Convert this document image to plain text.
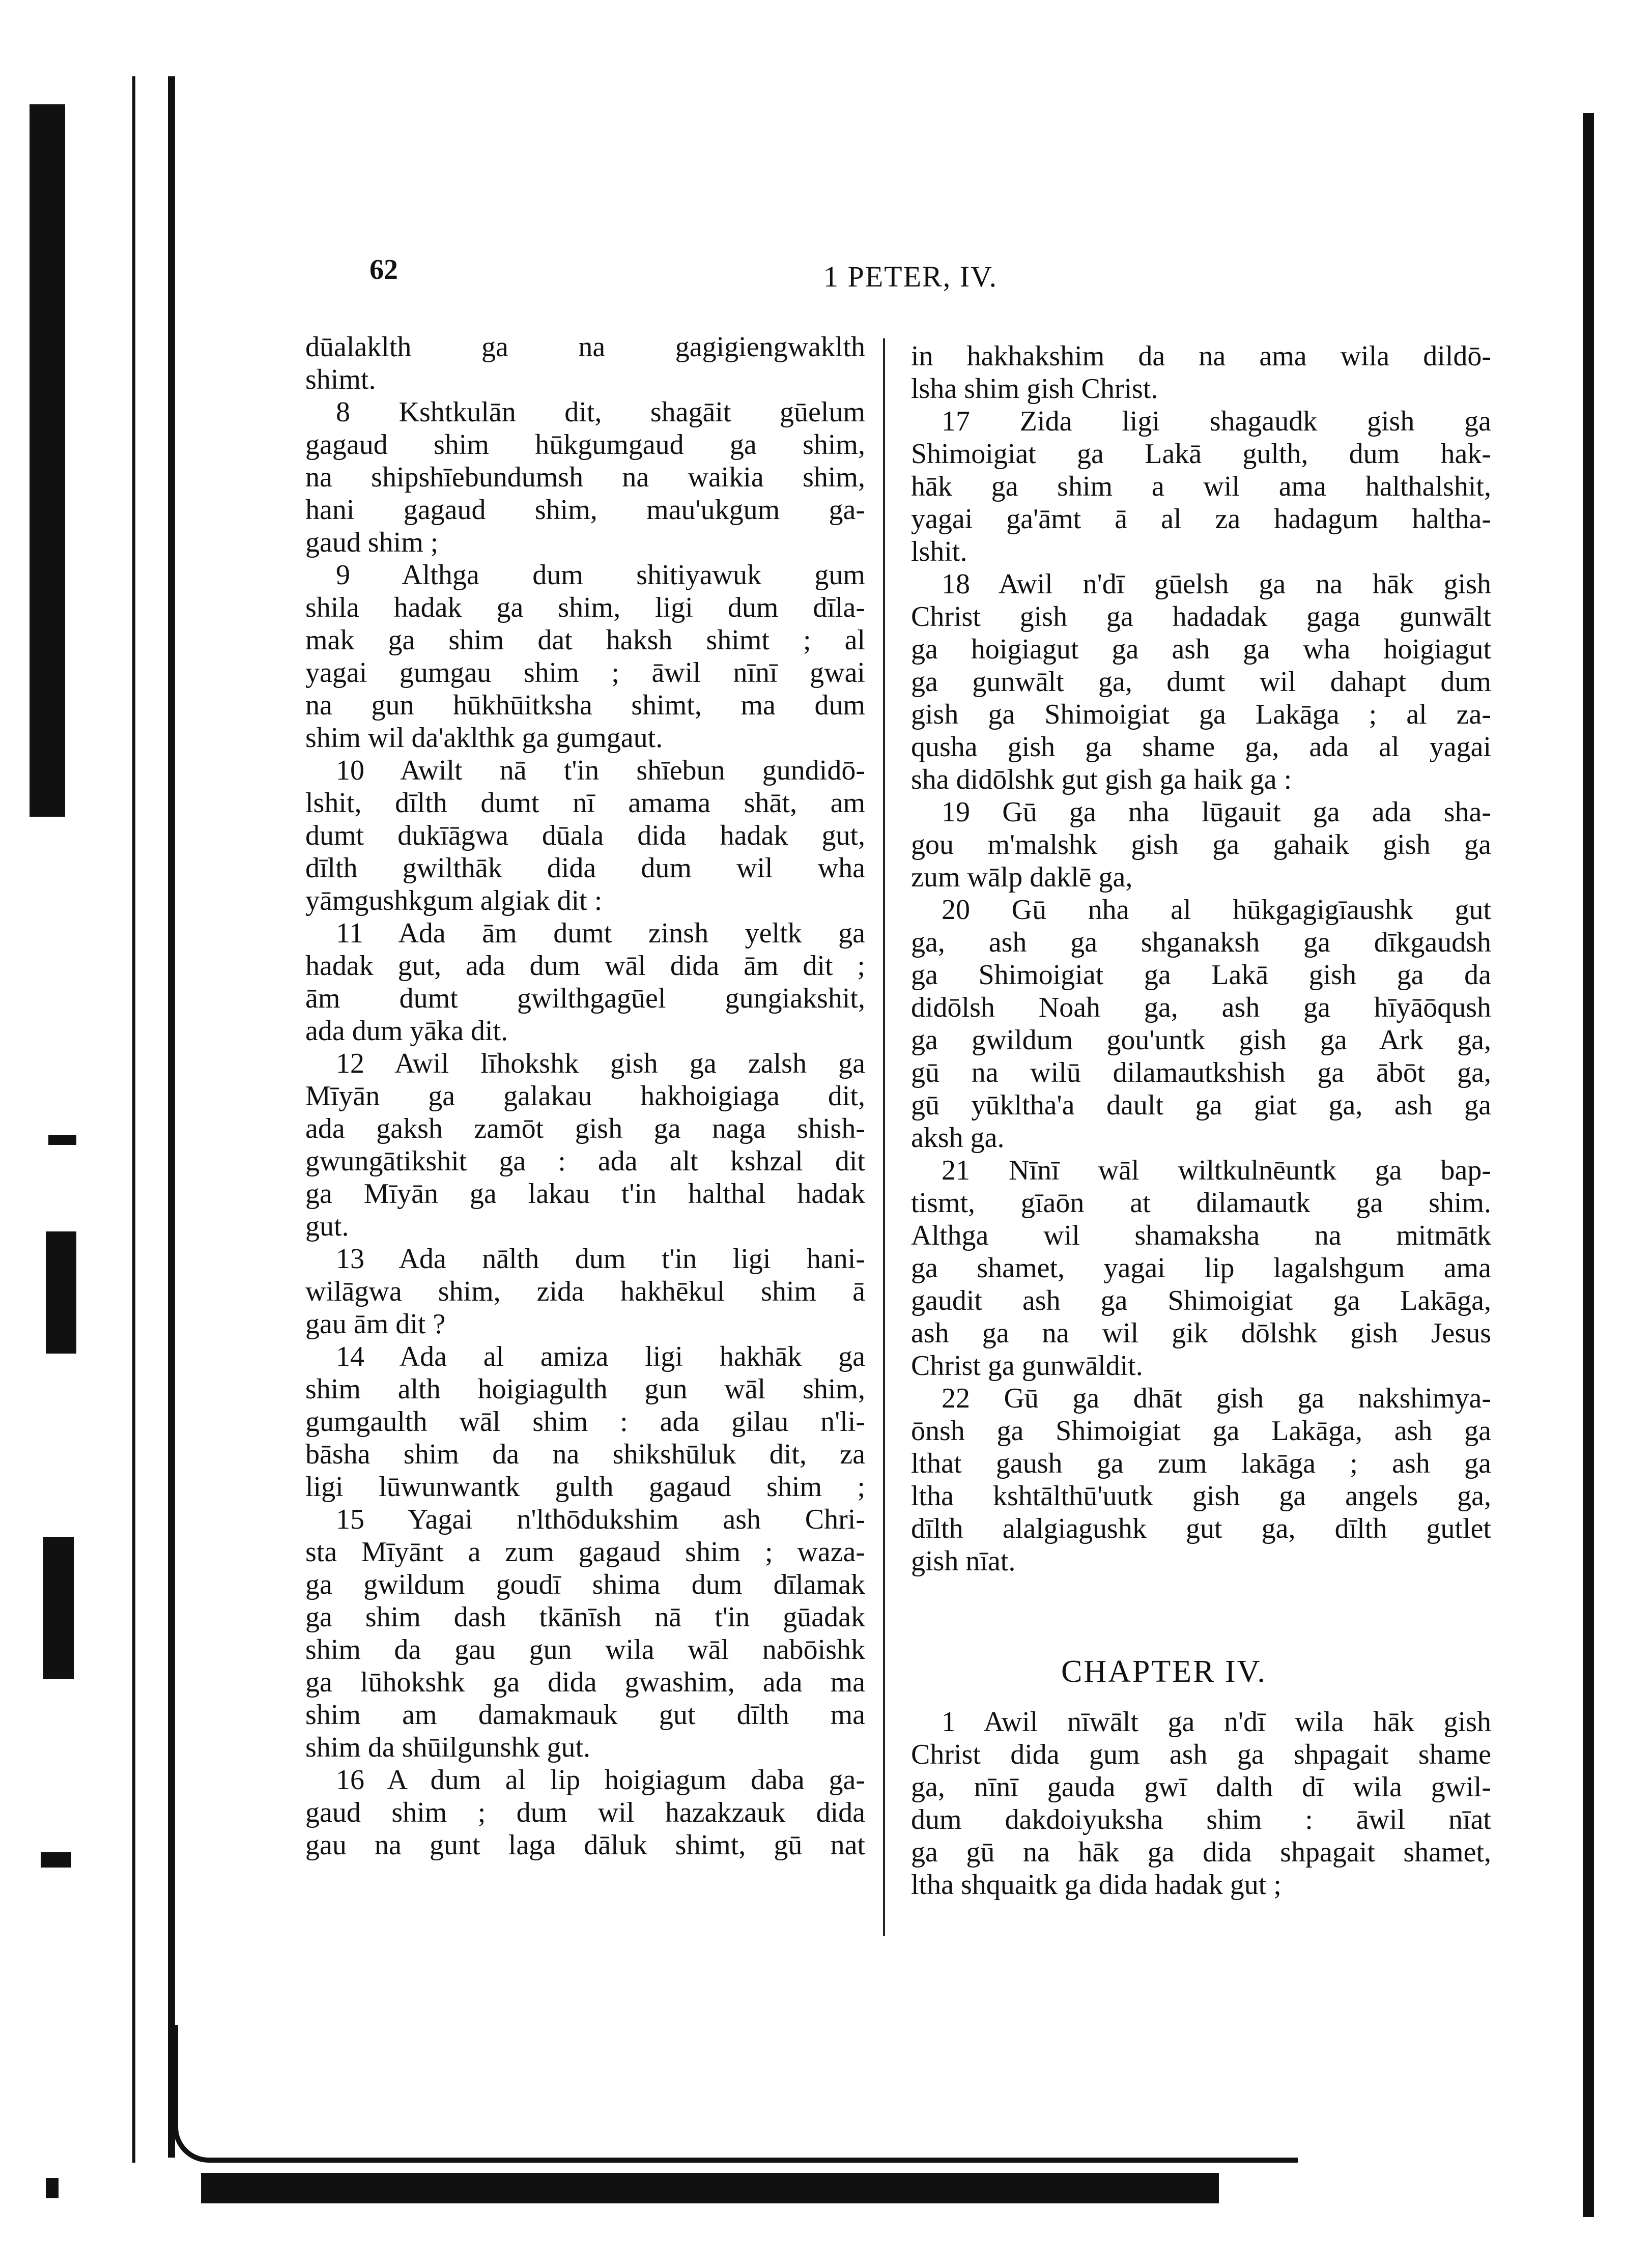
62	1 PETER, IV.
dūalaklth ga na gagigiengwaklth
shimt.
8 Kshtkulān dit, shagāit gūelum
gagaud shim hūkgumgaud ga shim,
na shipshīebundumsh na waikia shim,
hani gagaud shim, mau'ukgum ga-
gaud shim ;
9 Althga dum shitiyawuk gum
shila hadak ga shim, ligi dum dīla-
mak ga shim dat haksh shimt ; al
yagai gumgau shim ; āwil nīnī gwai
na gun hūkhūitksha shimt, ma dum
shim wil da'aklthk ga gumgaut.
10 Awilt nā t'in shīebun gundidō-
lshit, dīlth dumt nī amama shāt, am
dumt dukīāgwa dūala dida hadak gut,
dīlth gwilthāk dida dum wil wha
yāmgushkgum algiak dit :
11 Ada ām dumt zinsh yeltk ga
hadak gut, ada dum wāl dida ām dit ;
ām dumt gwilthgagūel gungiakshit,
ada dum yāka dit.
12 Awil līhokshk gish ga zalsh ga
Mīyān ga galakau hakhoigiaga dit,
ada gaksh zamōt gish ga naga shish-
gwungātikshit ga : ada alt kshzal dit
ga Mīyān ga lakau t'in halthal hadak
gut.
13 Ada nālth dum t'in ligi hani-
wilāgwa shim, zida hakhēkul shim ā
gau ām dit ?
14 Ada al amiza ligi hakhāk ga
shim alth hoigiagulth gun wāl shim,
gumgaulth wāl shim : ada gilau n'li-
bāsha shim da na shikshūluk dit, za
ligi lūwunwantk gulth gagaud shim ;
15 Yagai n'lthōdukshim ash Chri-
sta Mīyānt a zum gagaud shim ; waza-
ga gwildum goudī shima dum dīlamak
ga shim dash tkānīsh nā t'in gūadak
shim da gau gun wila wāl nabōishk
ga lūhokshk ga dida gwashim, ada ma
shim am damakmauk gut dīlth ma
shim da shūilgunshk gut.
16 A dum al lip hoigiagum daba ga-
gaud shim ; dum wil hazakzauk dida
gau na gunt laga dāluk shimt, gū nat
in hakhakshim da na ama wila dildō-
lsha shim gish Christ.
17 Zida ligi shagaudk gish ga
Shimoigiat ga Lakā gulth, dum hak-
hāk ga shim a wil ama halthalshit,
yagai ga'āmt ā al za hadagum haltha-
lshit.
18 Awil n'dī gūelsh ga na hāk gish
Christ gish ga hadadak gaga gunwālt
ga hoigiagut ga ash ga wha hoigiagut
ga gunwālt ga, dumt wil dahapt dum
gish ga Shimoigiat ga Lakāga ; al za-
qusha gish ga shame ga, ada al yagai
sha didōlshk gut gish ga haik ga :
19 Gū ga nha lūgauit ga ada sha-
gou m'malshk gish ga gahaik gish ga
zum wālp daklē ga,
20 Gū nha al hūkgagigīaushk gut
ga, ash ga shganaksh ga dīkgaudsh
ga Shimoigiat ga Lakā gish ga da
didōlsh Noah ga, ash ga hīyāōqush
ga gwildum gou'untk gish ga Ark ga,
gū na wilū dilamautkshish ga ābōt ga,
gū yūkltha'a dault ga giat ga, ash ga
aksh ga.
21 Nīnī wāl wiltkulnēuntk ga bap-
tismt, gīaōn at dilamautk ga shim.
Althga wil shamaksha na mitmātk
ga shamet, yagai lip lagalshgum ama
gaudit ash ga Shimoigiat ga Lakāga,
ash ga na wil gik dōlshk gish Jesus
Christ ga gunwāldit.
22 Gū ga dhāt gish ga nakshimya-
ōnsh ga Shimoigiat ga Lakāga, ash ga
lthat gaush ga zum lakāga ; ash ga
ltha kshtālthū'uutk gish ga angels ga,
dīlth alalgiagushk gut ga, dīlth gutlet
gish nīat.
CHAPTER IV.
1 Awil nīwālt ga n'dī wila hāk gish
Christ dida gum ash ga shpagait shame
ga, nīnī gauda gwī dalth dī wila gwil-
dum dakdoiyuksha shim : āwil nīat
ga gū na hāk ga dida shpagait shamet,
ltha shquaitk ga dida hadak gut ;
